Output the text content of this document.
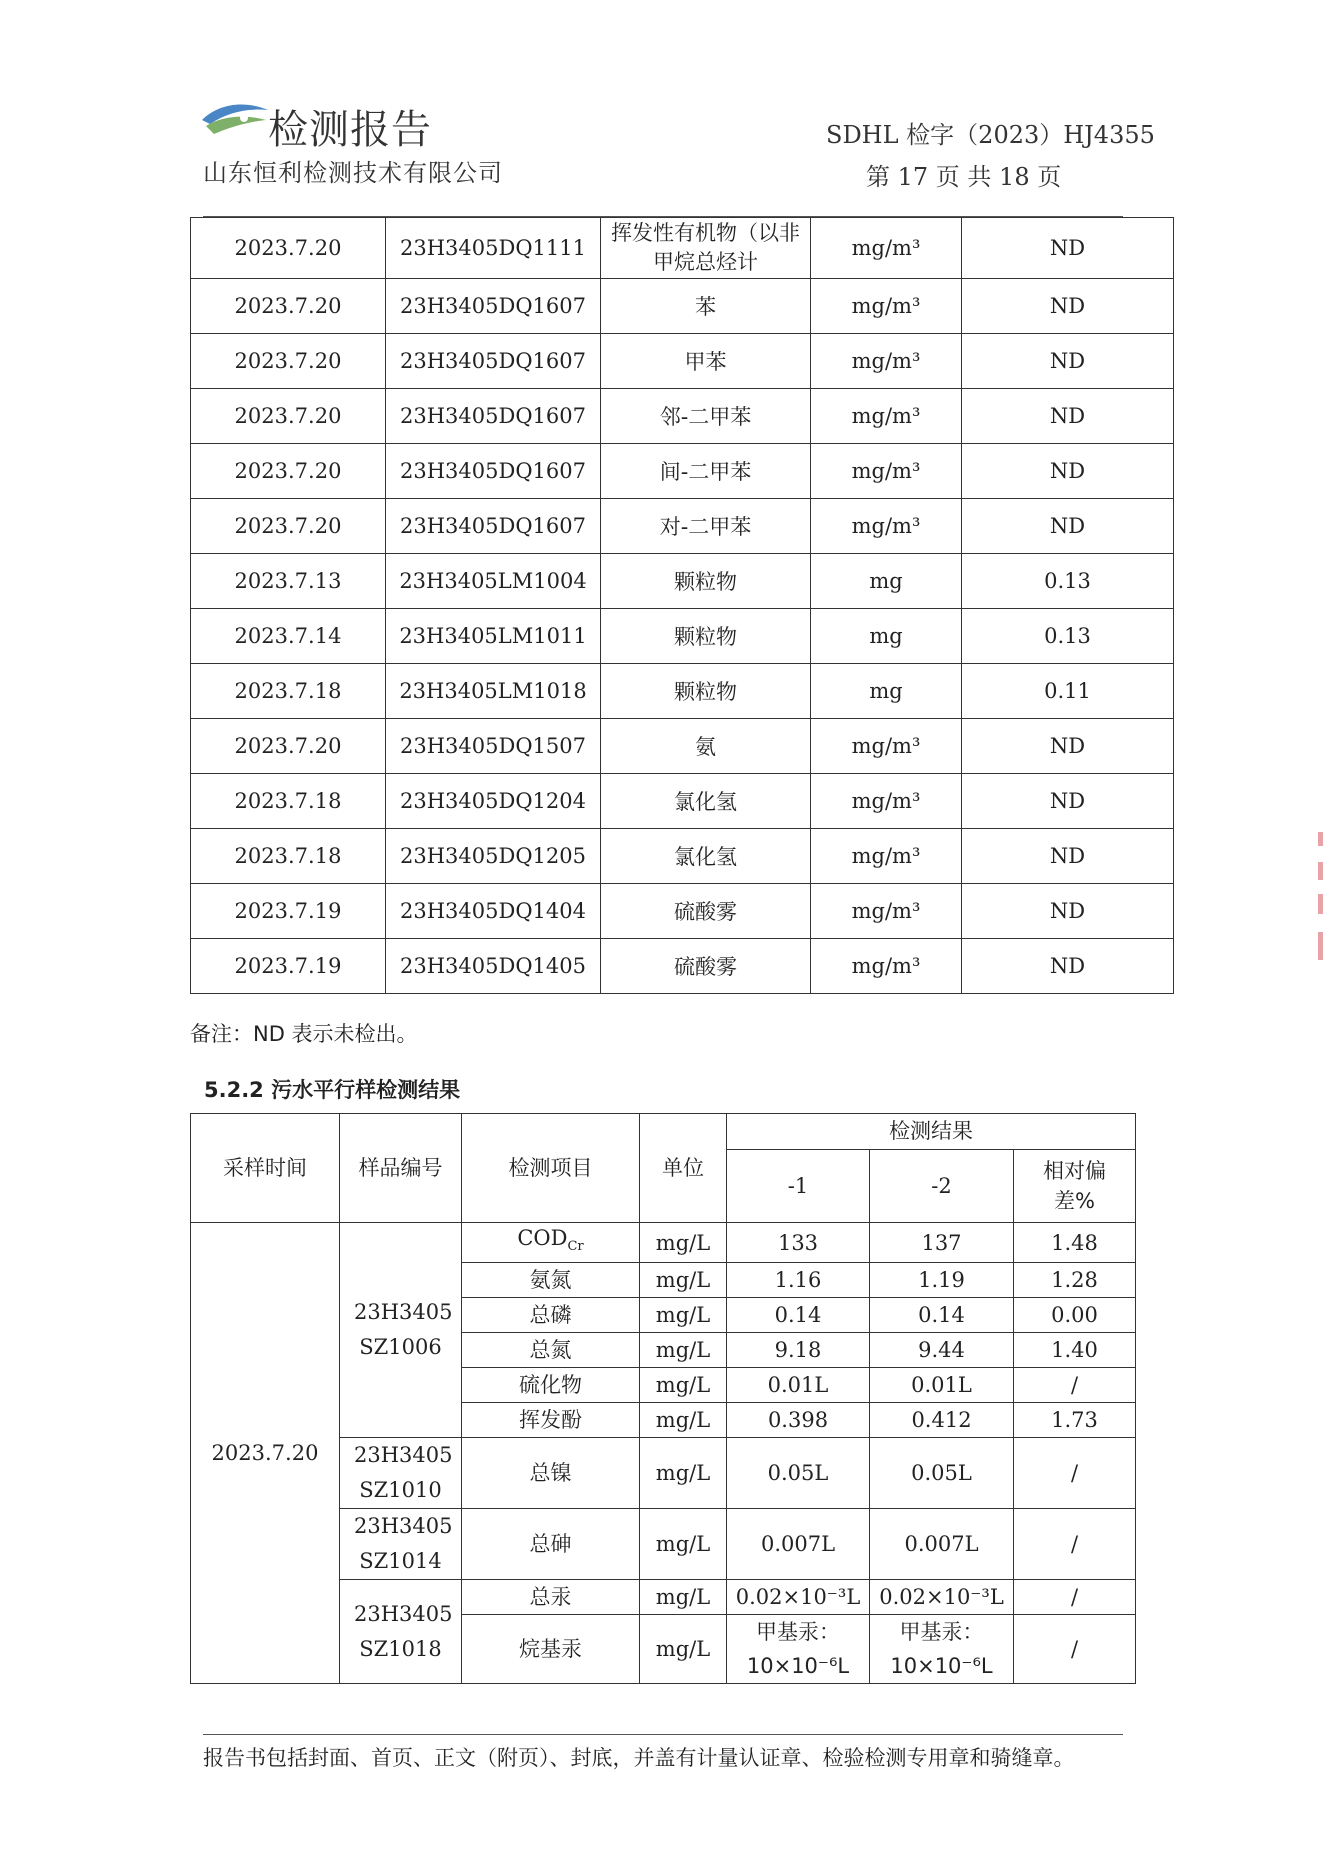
检测报告
山东恒利检测技术有限公司
SDHL 检字（2023）HJ4355
第 17 页 共 18 页
2023.7.20	23H3405DQ1111	挥发性有机物（以非甲烷总烃计	mg/m³	ND
2023.7.20	23H3405DQ1607	苯	mg/m³	ND
2023.7.20	23H3405DQ1607	甲苯	mg/m³	ND
2023.7.20	23H3405DQ1607	邻-二甲苯	mg/m³	ND
2023.7.20	23H3405DQ1607	间-二甲苯	mg/m³	ND
2023.7.20	23H3405DQ1607	对-二甲苯	mg/m³	ND
2023.7.13	23H3405LM1004	颗粒物	mg	0.13
2023.7.14	23H3405LM1011	颗粒物	mg	0.13
2023.7.18	23H3405LM1018	颗粒物	mg	0.11
2023.7.20	23H3405DQ1507	氨	mg/m³	ND
2023.7.18	23H3405DQ1204	氯化氢	mg/m³	ND
2023.7.18	23H3405DQ1205	氯化氢	mg/m³	ND
2023.7.19	23H3405DQ1404	硫酸雾	mg/m³	ND
2023.7.19	23H3405DQ1405	硫酸雾	mg/m³	ND
备注：ND 表示未检出。
5.2.2 污水平行样检测结果
采样时间	样品编号	检测项目	单位	检测结果		
				-1	-2	相对偏差%
2023.7.20	23H3405 SZ1006	$COD_{Cr}$	mg/L	133	137	1.48
		氨氮	mg/L	1.16	1.19	1.28
		总磷	mg/L	0.14	0.14	0.00
		总氮	mg/L	9.18	9.44	1.40
		硫化物	mg/L	0.01L	0.01L	/
		挥发酚	mg/L	0.398	0.412	1.73
	23H3405 SZ1010	总镍	mg/L	0.05L	0.05L	/
	23H3405 SZ1014	总砷	mg/L	0.007L	0.007L	/
	23H3405 SZ1018	总汞	mg/L	0.02×10⁻³L	0.02×10⁻³L	/
		烷基汞	mg/L	甲基汞：10×10⁻⁶L	甲基汞：10×10⁻⁶L	/
报告书包括封面、首页、正文（附页）、封底，并盖有计量认证章、检验检测专用章和骑缝章。
